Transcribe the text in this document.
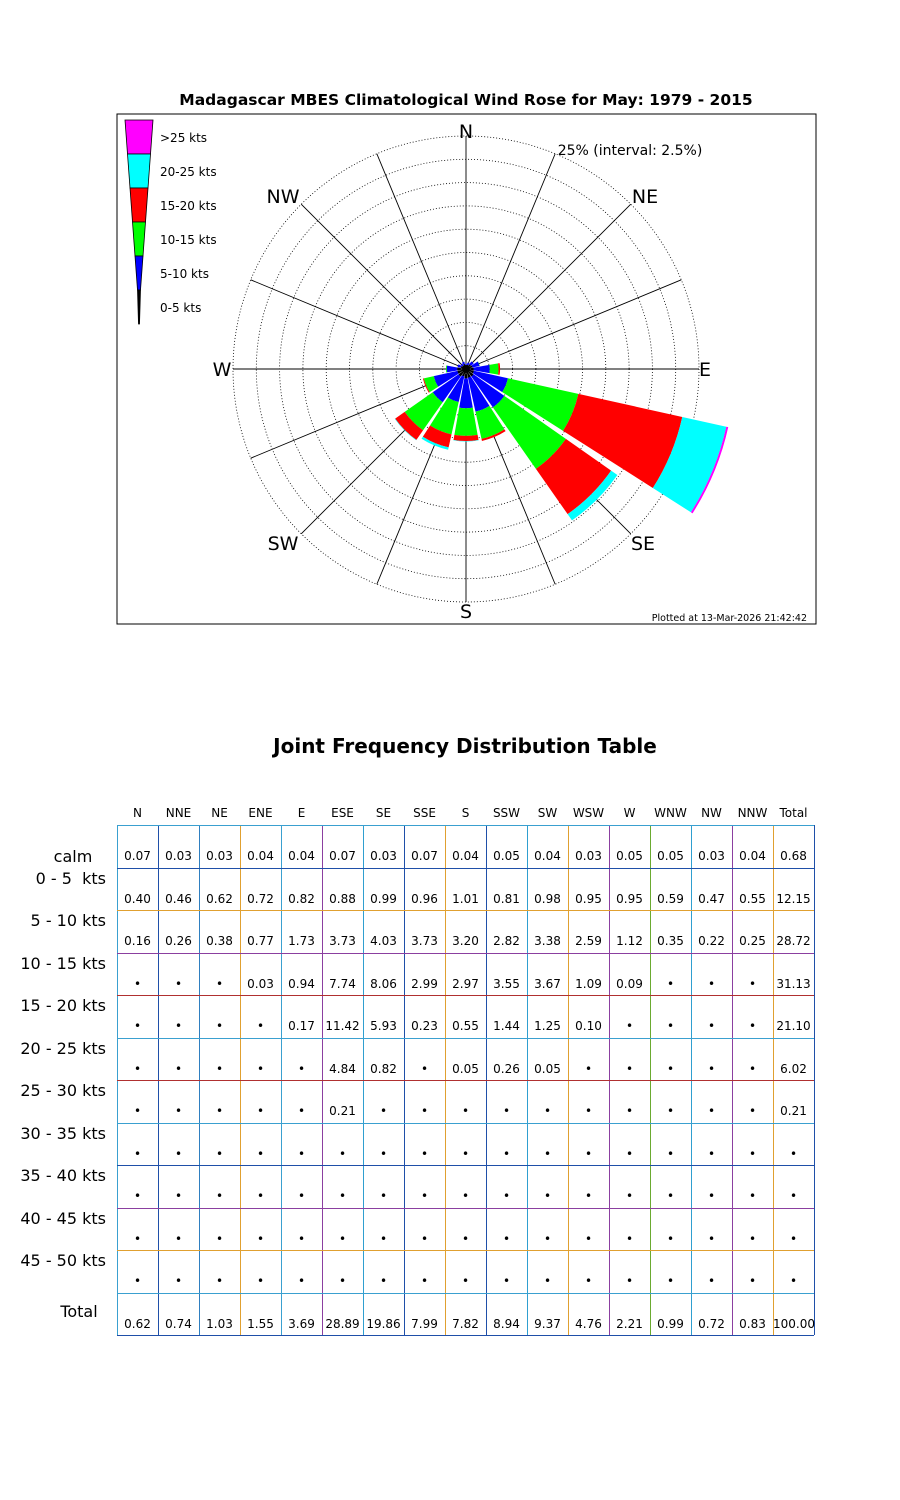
Madagascar MBES Climatological Wind Rose for May: 1979 - 2015
N
NE
E
SE
S
SW
W
NW
25% (interval: 2.5%)
>25 kts
20-25 kts
15-20 kts
10-15 kts
5-10 kts
0-5 kts
Plotted at 13-Mar-2026 21:42:42
Joint Frequency Distribution Table
N	NNE	NE	ENE	E	ESE	SE	SSE	S	SSW	SW	WSW	W	WNW	NW	NNW	Total
calm	0.07	0.03	0.03	0.04	0.04	0.07	0.03	0.07	0.04	0.05	0.04	0.03	0.05	0.05	0.03	0.04	0.68
0 - 5  kts
0.40	0.46	0.62	0.72	0.82	0.88	0.99	0.96	1.01	0.81	0.98	0.95	0.95	0.59	0.47	0.55 12.15
5 - 10 kts
0.16	0.26	0.38	0.77	1.73	3.73	4.03	3.73	3.20	2.82	3.38	2.59	1.12	0.35	0.22	0.25 28.72
10 - 15 kts
•	•	•	0.03	0.94	7.74	8.06	2.99	2.97	3.55	3.67	1.09	0.09	•	•	•	31.13
15 - 20 kts
•	•	•	•	0.17 11.42 5.93	0.23	0.55	1.44	1.25	0.10	•	•	•	•	21.10
20 - 25 kts
•	•	•	•	•	4.84	0.82	•	0.05	0.26	0.05	•	•	•	•	•	6.02
25 - 30 kts
•	•	•	•	•	0.21	•	•	•	•	•	•	•	•	•	•	0.21
30 - 35 kts
•	•	•	•	•	•	•	•	•	•	•	•	•	•	•	•	•
35 - 40 kts
•	•	•	•	•	•	•	•	•	•	•	•	•	•	•	•	•
40 - 45 kts
•	•	•	•	•	•	•	•	•	•	•	•	•	•	•	•	•
45 - 50 kts
•	•	•	•	•	•	•	•	•	•	•	•	•	•	•	•	•
Total
0.62	0.74	1.03	1.55	3.69 28.89 19.86 7.99	7.82	8.94	9.37	4.76	2.21	0.99	0.72	0.83 100.00
